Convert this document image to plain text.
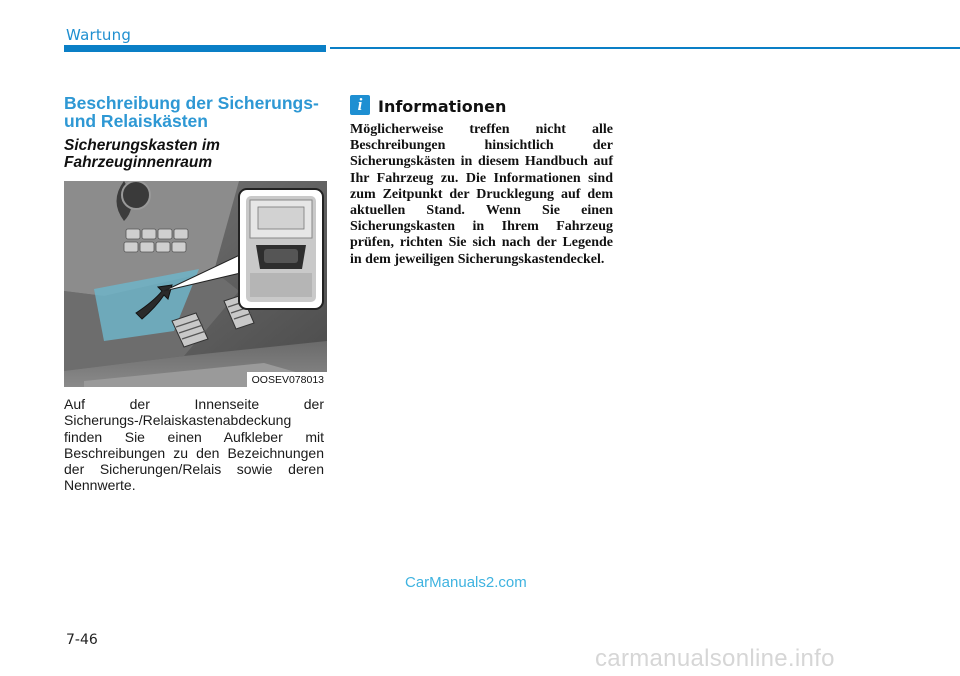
Wartung
Beschreibung der Sicherungs- und Relaiskästen
Sicherungskasten im Fahrzeuginnenraum
OOSEV078013

Auf der Innenseite der Sicherungs-/Relaiskastenabdeckung finden Sie einen Aufkleber mit Beschreibungen zu den Bezeichnungen der Sicherungen/Relais sowie deren Nennwerte.

i Informationen

Möglicherweise treffen nicht alle Beschreibungen hinsichtlich der Sicherungskästen in diesem Handbuch auf Ihr Fahrzeug zu. Die Informationen sind zum Zeitpunkt der Drucklegung auf dem aktuellen Stand. Wenn Sie einen Sicherungskasten in Ihrem Fahrzeug prüfen, richten Sie sich nach der Legende in dem jeweiligen Sicherungskastendeckel.

CarManuals2.com
7-46
carmanualsonline.info
